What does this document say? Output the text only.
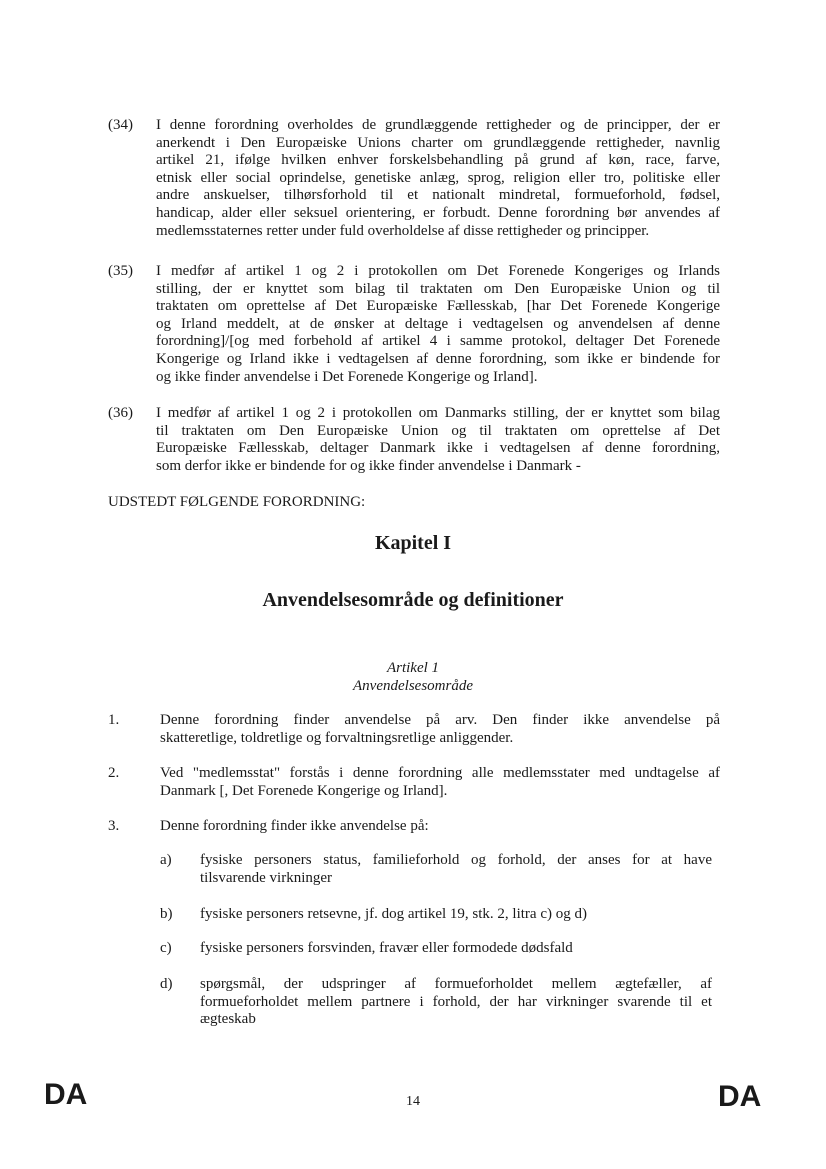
(34) I denne forordning overholdes de grundlæggende rettigheder og de principper, der er
anerkendt i Den Europæiske Unions charter om grundlæggende rettigheder, navnlig
artikel 21, ifølge hvilken enhver forskelsbehandling på grund af køn, race, farve,
etnisk eller social oprindelse, genetiske anlæg, sprog, religion eller tro, politiske eller
andre anskuelser, tilhørsforhold til et nationalt mindretal, formueforhold, fødsel,
handicap, alder eller seksuel orientering, er forbudt. Denne forordning bør anvendes af
medlemsstaternes retter under fuld overholdelse af disse rettigheder og principper.
(35) I medfør af artikel 1 og 2 i protokollen om Det Forenede Kongeriges og Irlands
stilling, der er knyttet som bilag til traktaten om Den Europæiske Union og til
traktaten om oprettelse af Det Europæiske Fællesskab, [har Det Forenede Kongerige
og Irland meddelt, at de ønsker at deltage i vedtagelsen og anvendelsen af denne
forordning]/[og med forbehold af artikel 4 i samme protokol, deltager Det Forenede
Kongerige og Irland ikke i vedtagelsen af denne forordning, som ikke er bindende for
og ikke finder anvendelse i Det Forenede Kongerige og Irland].
(36) I medfør af artikel 1 og 2 i protokollen om Danmarks stilling, der er knyttet som bilag
til traktaten om Den Europæiske Union og til traktaten om oprettelse af Det
Europæiske Fællesskab, deltager Danmark ikke i vedtagelsen af denne forordning,
som derfor ikke er bindende for og ikke finder anvendelse i Danmark -
UDSTEDT FØLGENDE FORORDNING:
Kapitel I
Anvendelsesområde og definitioner
Artikel 1
Anvendelsesområde
1.	Denne forordning finder anvendelse på arv. Den finder ikke anvendelse på
skatteretlige, toldretlige og forvaltningsretlige anliggender.
2.	Ved "medlemsstat" forstås i denne forordning alle medlemsstater med undtagelse af
Danmark [, Det Forenede Kongerige og Irland].
3.	Denne forordning finder ikke anvendelse på:
a) fysiske personers status, familieforhold og forhold, der anses for at have
tilsvarende virkninger
b) fysiske personers retsevne, jf. dog artikel 19, stk. 2, litra c) og d)
c) fysiske personers forsvinden, fravær eller formodede dødsfald
d) spørgsmål, der udspringer af formueforholdet mellem ægtefæller, af
formueforholdet mellem partnere i forhold, der har virkninger svarende til et
ægteskab
DA	14	DA
